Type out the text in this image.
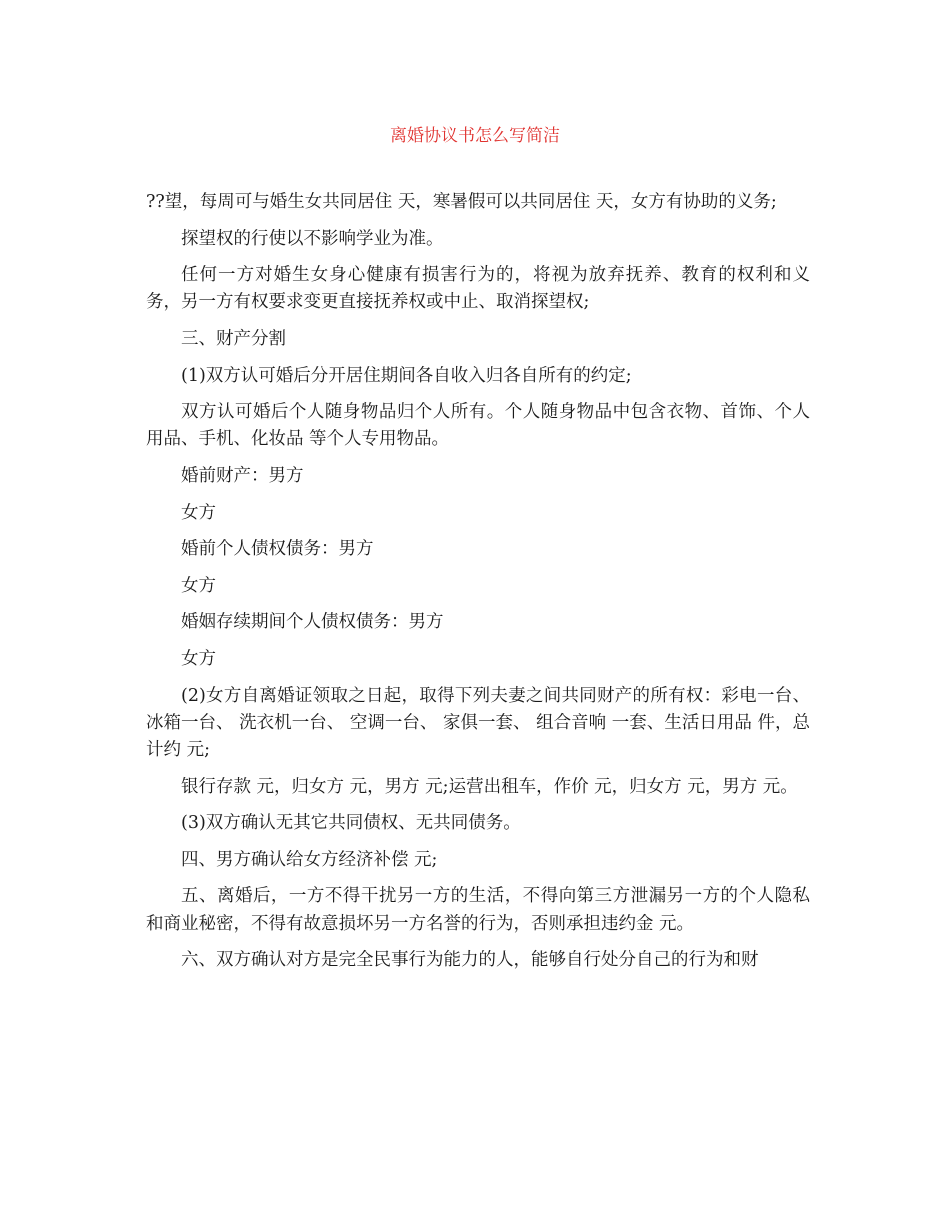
离婚协议书怎么写简洁

??望，每周可与婚生女共同居住 天，寒暑假可以共同居住 天，女方有协助的义务;

探望权的行使以不影响学业为准。

任何一方对婚生女身心健康有损害行为的，将视为放弃抚养、教育的权利和义务，另一方有权要求变更直接抚养权或中止、取消探望权;

三、财产分割

(1)双方认可婚后分开居住期间各自收入归各自所有的约定;

双方认可婚后个人随身物品归个人所有。个人随身物品中包含衣物、首饰、个人用品、手机、化妆品 等个人专用物品。

婚前财产：男方

女方

婚前个人债权债务：男方

女方

婚姻存续期间个人债权债务：男方

女方

(2)女方自离婚证领取之日起，取得下列夫妻之间共同财产的所有权：彩电一台、 冰箱一台、 洗衣机一台、 空调一台、 家俱一套、 组合音响 一套、生活日用品 件，总计约 元;

银行存款 元，归女方 元，男方 元;运营出租车，作价 元，归女方 元，男方 元。

(3)双方确认无其它共同债权、无共同债务。

四、男方确认给女方经济补偿 元;

五、离婚后，一方不得干扰另一方的生活，不得向第三方泄漏另一方的个人隐私和商业秘密，不得有故意损坏另一方名誉的行为，否则承担违约金 元。

六、双方确认对方是完全民事行为能力的人，能够自行处分自己的行为和财
